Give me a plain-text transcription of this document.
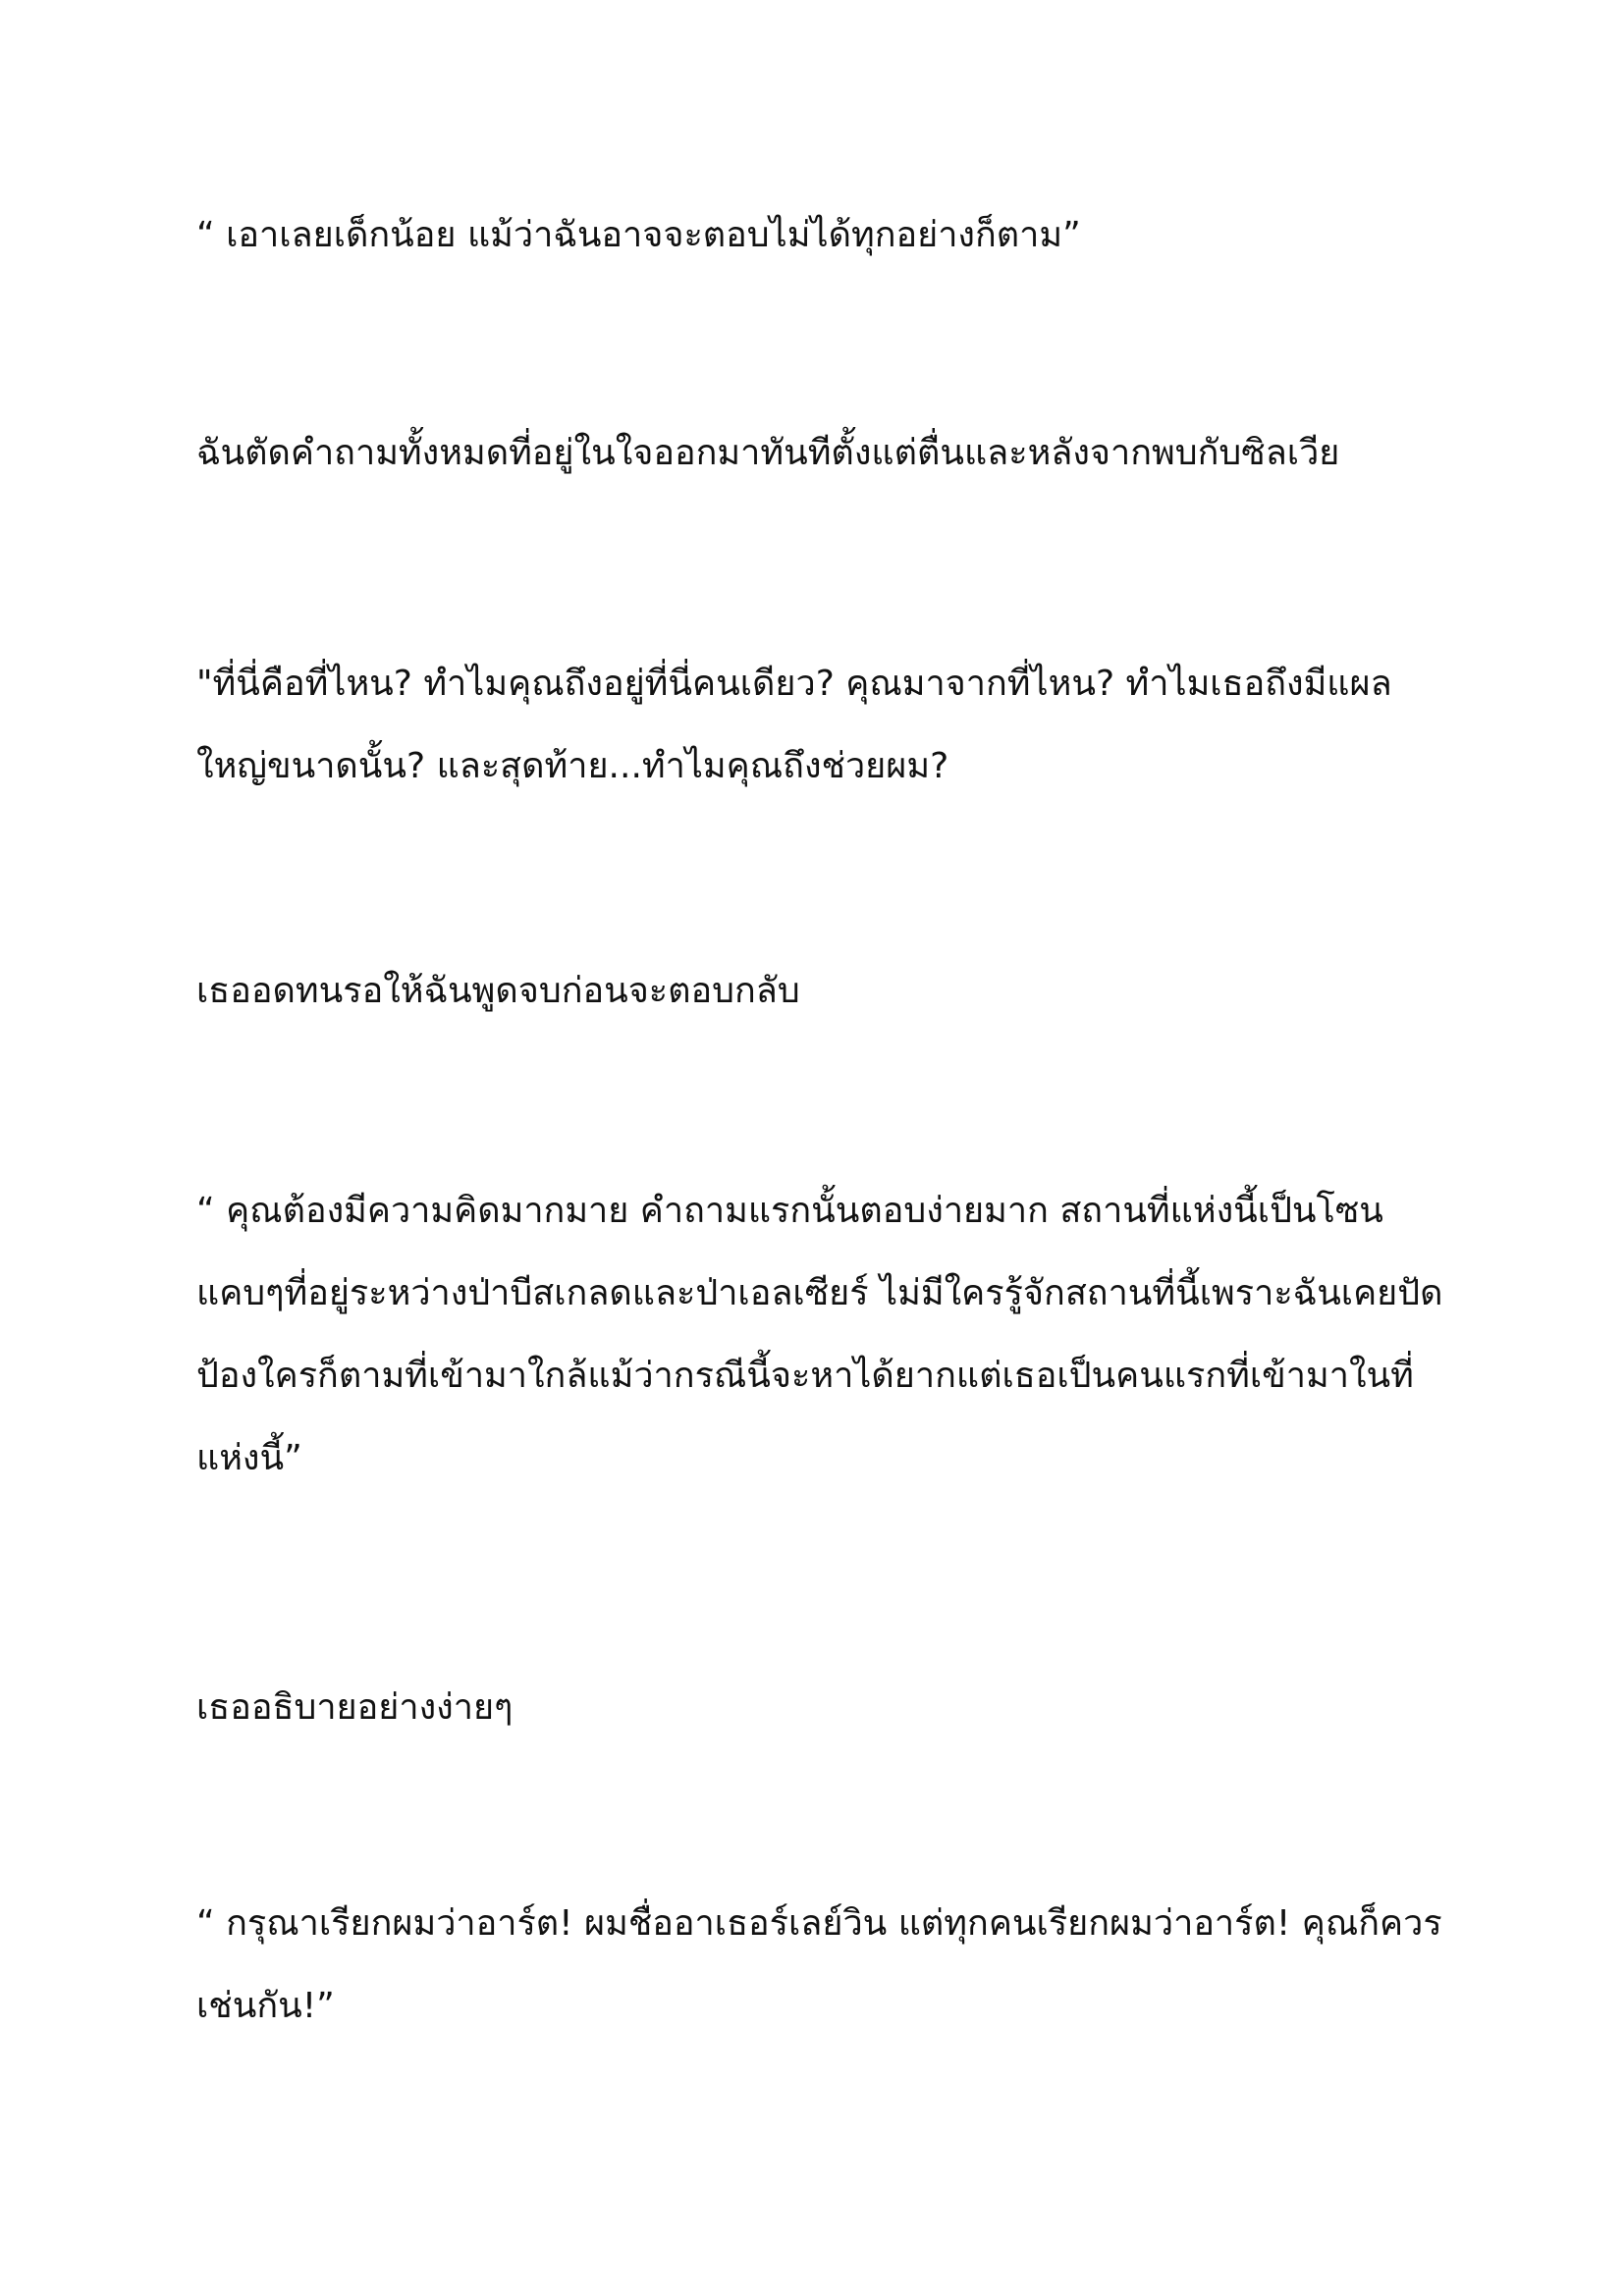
“ เอาเลยเด็กน้อย แม้ว่าฉันอาจจะตอบไม่ได้ทุกอย่างก็ตาม”

ฉันตัดคำถามทั้งหมดที่อยู่ในใจออกมาทันทีตั้งแต่ตื่นและหลังจากพบกับซิลเวีย

"ที่นี่คือที่ไหน? ทำไมคุณถึงอยู่ที่นี่คนเดียว? คุณมาจากที่ไหน? ทำไมเธอถึงมีแผลใหญ่ขนาดนั้น? และสุดท้าย...ทำไมคุณถึงช่วยผม?

เธออดทนรอให้ฉันพูดจบก่อนจะตอบกลับ

“ คุณต้องมีความคิดมากมาย คำถามแรกนั้นตอบง่ายมาก สถานที่แห่งนี้เป็นโซนแคบๆที่อยู่ระหว่างป่าบีสเกลดและป่าเอลเซียร์ ไม่มีใครรู้จักสถานที่นี้เพราะฉันเคยปัดป้องใครก็ตามที่เข้ามาใกล้แม้ว่ากรณีนี้จะหาได้ยากแต่เธอเป็นคนแรกที่เข้ามาในที่แห่งนี้”

เธออธิบายอย่างง่ายๆ

“ กรุณาเรียกผมว่าอาร์ต! ผมชื่ออาเธอร์เลย์วิน แต่ทุกคนเรียกผมว่าอาร์ต! คุณก็ควรเช่นกัน!”
